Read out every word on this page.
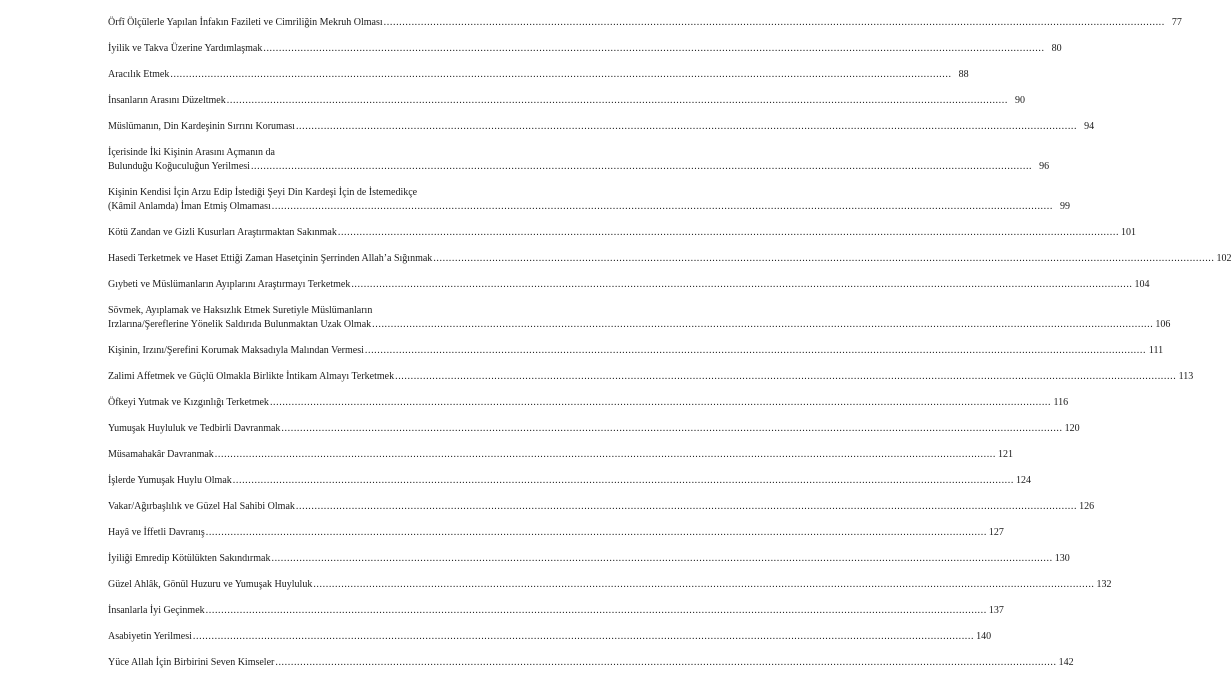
Örfî Ölçülerle Yapılan İnfakın Fazileti ve Cimriliğin Mekruh Olması .....	77
İyilik ve Takva Üzerine Yardımlaşmak .....	80
Aracılık Etmek .....	88
İnsanların Arasını Düzeltmek .....	90
Müslümanın, Din Kardeşinin Sırrını Koruması .....	94
İçerisinde İki Kişinin Arasını Açmanın da
Bulunduğu Koğuculuğun Yerilmesi .....	96
Kişinin Kendisi İçin Arzu Edip İstediği Şeyi Din Kardeşi İçin de İstemedikçe
(Kâmil Anlamda) İman Etmiş Olmaması .....	99
Kötü Zandan ve Gizli Kusurları Araştırmaktan Sakınmak .....	101
Hasedi Terketmek ve Haset Ettiği Zaman Hasetçinin Şerrinden Allah’a Sığınmak .....	102
Gıybeti ve Müslümanların Ayıplarını Araştırmayı Terketmek .....	104
Sövmek, Ayıplamak ve Haksızlık Etmek Suretiyle Müslümanların
Irzlarına/Şereflerine Yönelik Saldırıda Bulunmaktan Uzak Olmak .....	106
Kişinin, Irzını/Şerefini Korumak Maksadıyla Malından Vermesi .....	111
Zalimi Affetmek ve Güçlü Olmakla Birlikte İntikam Almayı Terketmek .....	113
Öfkeyi Yutmak ve Kızgınlığı Terketmek .....	116
Yumuşak Huyluluk ve Tedbirli Davranmak .....	120
Müsamahakâr Davranmak .....	121
İşlerde Yumuşak Huylu Olmak .....	124
Vakar/Ağırbaşlılık ve Güzel Hal Sahibi Olmak .....	126
Hayâ ve İffetli Davranış .....	127
İyiliği Emredip Kötülükten Sakındırmak .....	130
Güzel Ahlâk, Gönül Huzuru ve Yumuşak Huyluluk .....	132
İnsanlarla İyi Geçinmek .....	137
Asabiyetin Yerilmesi .....	140
Yüce Allah İçin Birbirini Seven Kimseler .....	142
